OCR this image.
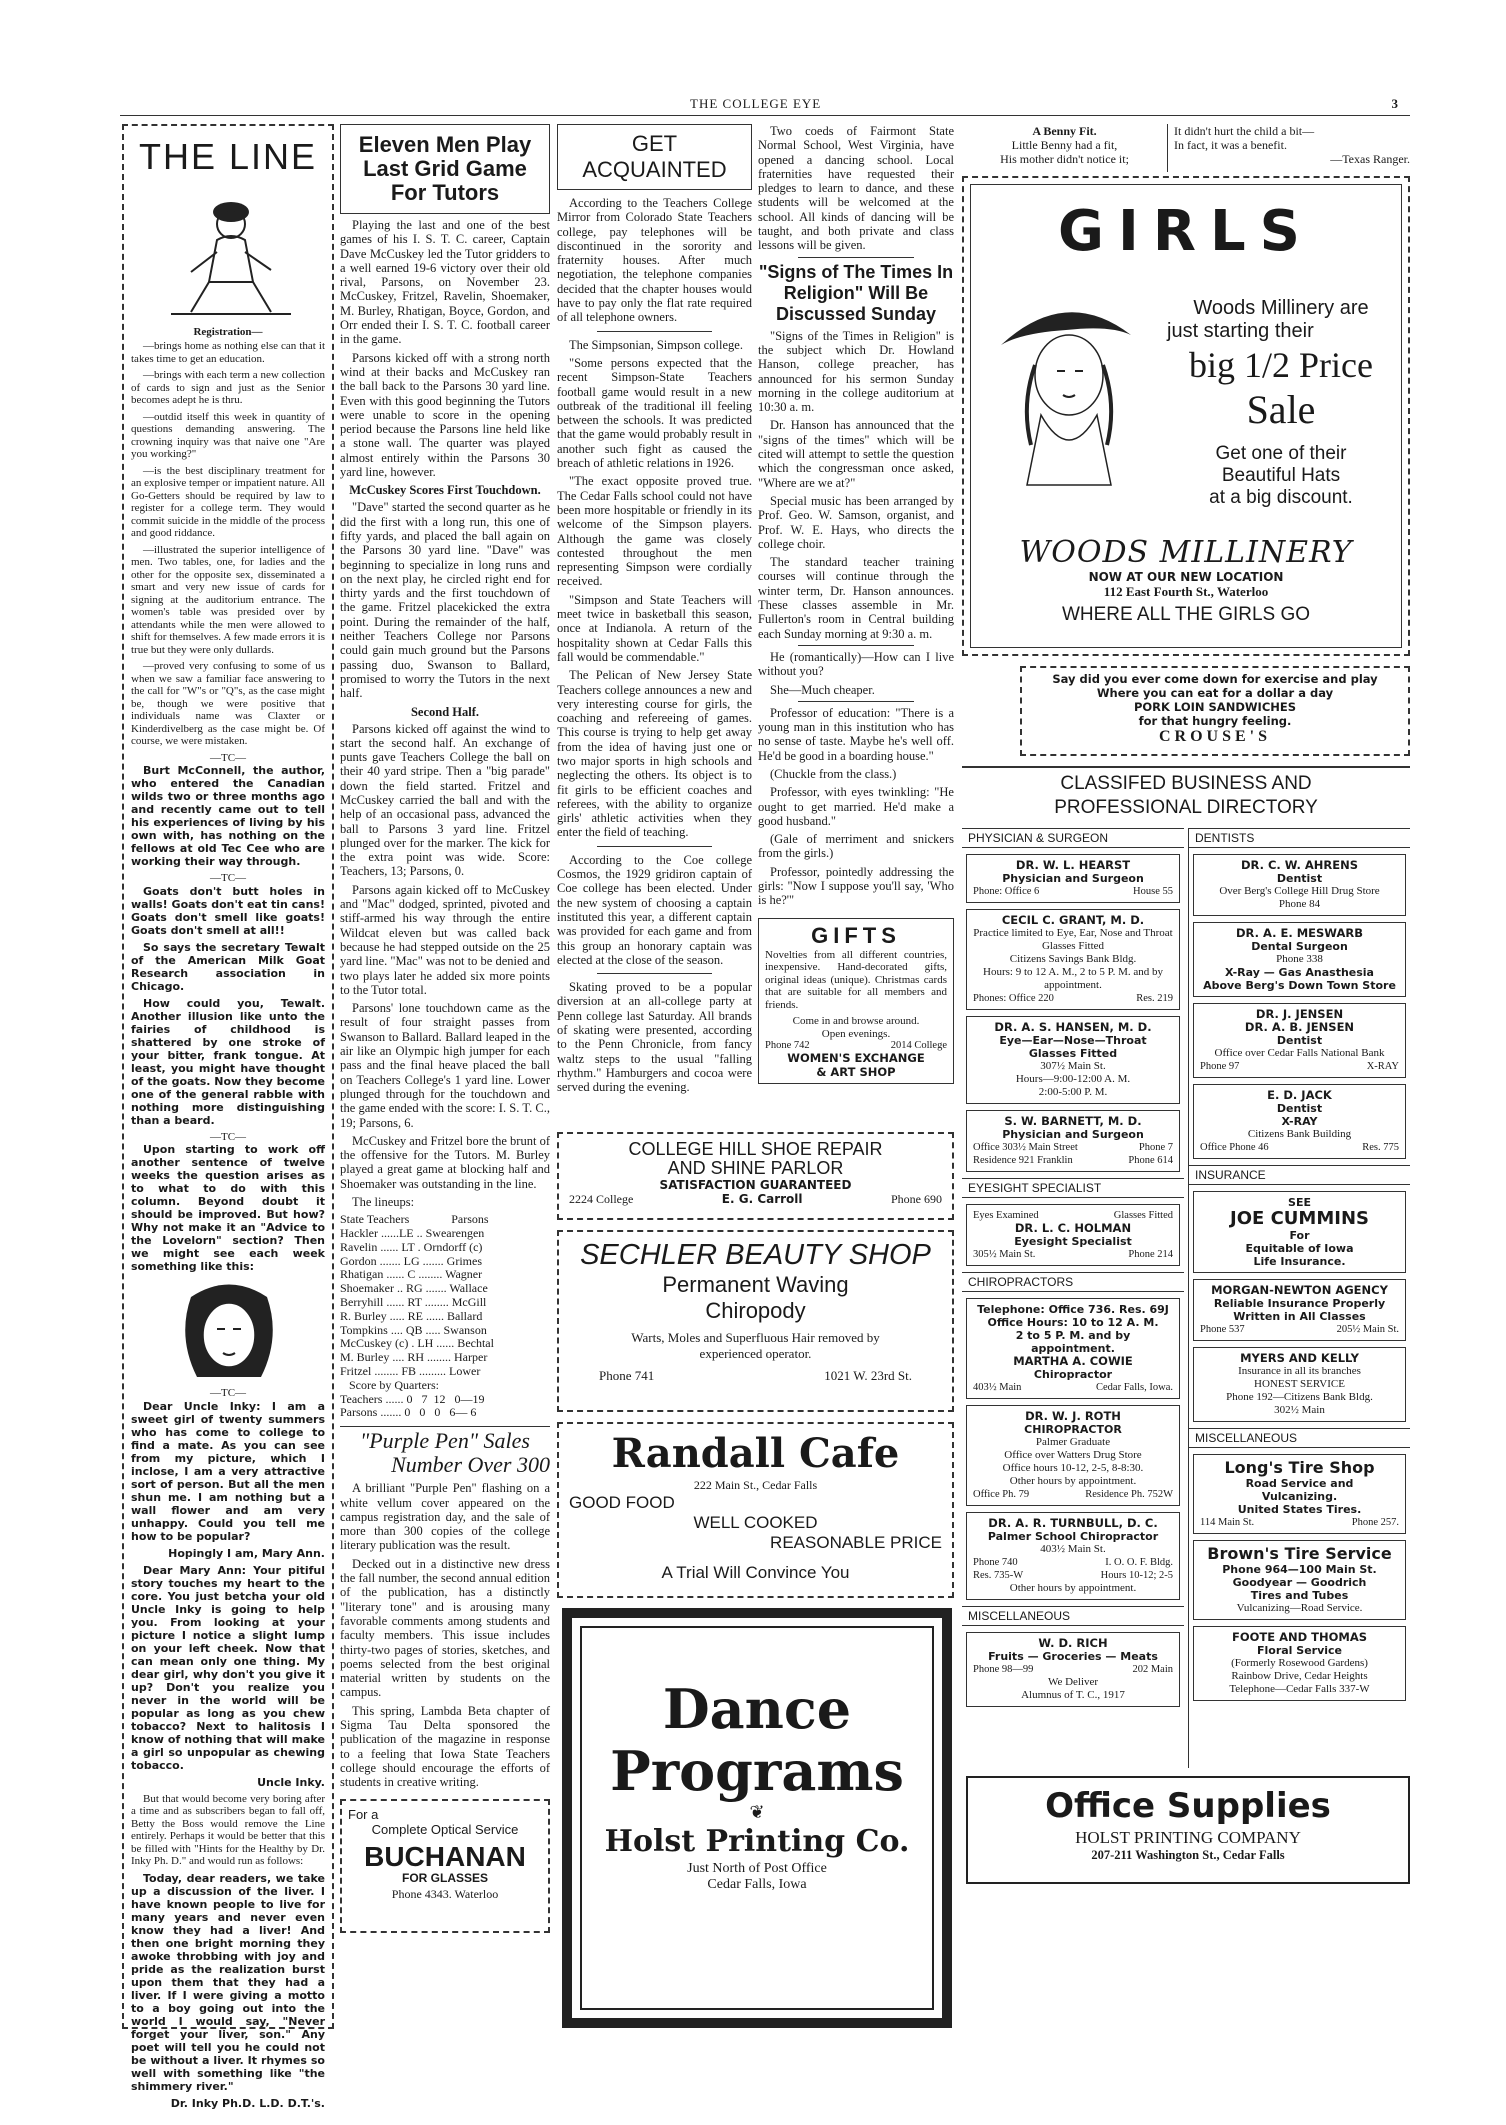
THE COLLEGE EYE	3
THE LINE
Registration—

—brings home as nothing else can that it takes time to get an education.

—brings with each term a new collection of cards to sign and just as the Senior becomes adept he is thru.

—outdid itself this week in quantity of questions demanding answering. The crowning inquiry was that naive one "Are you working?"

—is the best disciplinary treatment for an explosive temper or impatient nature. All Go-Getters should be required by law to register for a college term. They would commit suicide in the middle of the process and good riddance.

—illustrated the superior intelligence of men. Two tables, one, for ladies and the other for the opposite sex, disseminated a smart and very new issue of cards for signing at the auditorium entrance. The women's table was presided over by attendants while the men were allowed to shift for themselves. A few made errors it is true but they were only dullards.

—proved very confusing to some of us when we saw a familiar face answering to the call for "W"s or "Q"s, as the case might be, though we were positive that individuals name was Claxter or Kinderdivelberg as the case might be. Of course, we were mistaken.

—TC—

Burt McConnell, the author, who entered the Canadian wilds two or three months ago and recently came out to tell his experiences of living by his own with, has nothing on the fellows at old Tec Cee who are working their way through.

—TC—

Goats don't butt holes in walls! Goats don't eat tin cans! Goats don't smell like goats! Goats don't smell at all!!

So says the secretary Tewalt of the American Milk Goat Research association in Chicago.

How could you, Tewalt. Another illusion like unto the fairies of childhood is shattered by one stroke of your bitter, frank tongue. At least, you might have thought of the goats. Now they become one of the general rabble with nothing more distinguishing than a beard.

—TC—

Upon starting to work off another sentence of twelve weeks the question arises as to what to do with this column. Beyond doubt it should be improved. But how? Why not make it an "Advice to the Lovelorn" section? Then we might see each week something like this:

—TC—

Dear Uncle Inky: I am a sweet girl of twenty summers who has come to college to find a mate. As you can see from my picture, which I inclose, I am a very attractive sort of person. But all the men shun me. I am nothing but a wall flower and am very unhappy. Could you tell me how to be popular?

Hopingly I am, Mary Ann.

Dear Mary Ann: Your pitiful story touches my heart to the core. You just betcha your old Uncle Inky is going to help you. From looking at your picture I notice a slight lump on your left cheek. Now that can mean only one thing. My dear girl, why don't you give it up? Don't you realize you never in the world will be popular as long as you chew tobacco? Next to halitosis I know of nothing that will make a girl so unpopular as chewing tobacco.

Uncle Inky.

But that would become very boring after a time and as subscribers began to fall off, Betty the Boss would remove the Line entirely. Perhaps it would be better that this be filled with "Hints for the Healthy by Dr. Inky Ph. D." and would run as follows:

Today, dear readers, we take up a discussion of the liver. I have known people to live for many years and never even know they had a liver! And then one bright morning they awoke throbbing with joy and pride as the realization burst upon them that they had a liver. If I were giving a motto to a boy going out into the world I would say, "Never forget your liver, son." Any poet will tell you he could not be without a liver. It rhymes so well with something like "the shimmery river."

Dr. Inky Ph.D. L.D. D.T.'s.

Eleven Men Play Last Grid Game For Tutors

Playing the last and one of the best games of his I. S. T. C. career, Captain Dave McCuskey led the Tutor gridders to a well earned 19-6 victory over their old rival, Parsons, on November 23. McCuskey, Fritzel, Ravelin, Shoemaker, M. Burley, Rhatigan, Boyce, Gordon, and Orr ended their I. S. T. C. football career in the game.

Parsons kicked off with a strong north wind at their backs and McCuskey ran the ball back to the Parsons 30 yard line. Even with this good beginning the Tutors were unable to score in the opening period because the Parsons line held like a stone wall. The quarter was played almost entirely within the Parsons 30 yard line, however.

McCuskey Scores First Touchdown.

"Dave" started the second quarter as he did the first with a long run, this one of fifty yards, and placed the ball again on the Parsons 30 yard line. "Dave" was beginning to specialize in long runs and on the next play, he circled right end for thirty yards and the first touchdown of the game. Fritzel placekicked the extra point. During the remainder of the half, neither Teachers College nor Parsons could gain much ground but the Parsons passing duo, Swanson to Ballard, promised to worry the Tutors in the next half.

Second Half.

Parsons kicked off against the wind to start the second half. An exchange of punts gave Teachers College the ball on their 40 yard stripe. Then a "big parade" down the field started. Fritzel and McCuskey carried the ball and with the help of an occasional pass, advanced the ball to Parsons 3 yard line. Fritzel plunged over for the marker. The kick for the extra point was wide. Score: Teachers, 13; Parsons, 0.

Parsons again kicked off to McCuskey and "Mac" dodged, sprinted, pivoted and stiff-armed his way through the entire Wildcat eleven but was called back because he had stepped outside on the 25 yard line. "Mac" was not to be denied and two plays later he added six more points to the Tutor total.

Parsons' lone touchdown came as the result of four straight passes from Swanson to Ballard. Ballard leaped in the air like an Olympic high jumper for each pass and the final heave placed the ball on Teachers College's 1 yard line. Lower plunged through for the touchdown and the game ended with the score: I. S. T. C., 19; Parsons, 6.

McCuskey and Fritzel bore the brunt of the offensive for the Tutors. M. Burley played a great game at blocking half and Shoemaker was outstanding in the line.

The lineups:

State Teachers              Parsons
Hackler ......LE .. Swearengen
Ravelin ...... LT . Orndorff (c)
Gordon ....... LG ....... Grimes
Rhatigan ...... C ........ Wagner
Shoemaker .. RG ....... Wallace
Berryhill ...... RT ........ McGill
R. Burley ..... RE ...... Ballard
Tompkins .... QB ..... Swanson
McCuskey (c) . LH ...... Bechtal
M. Burley .... RH ........ Harper
Fritzel ........ FB ......... Lower
Score by Quarters:
Teachers ...... 0   7  12   0—19
Parsons ....... 0   0   0   6— 6
"Purple Pen" Sales
Number Over 300

A brilliant "Purple Pen" flashing on a white vellum cover appeared on the campus registration day, and the sale of more than 300 copies of the college literary publication was the result.

Decked out in a distinctive new dress the fall number, the second annual edition of the publication, has a distinctly "literary tone" and is arousing many favorable comments among students and faculty members. This issue includes thirty-two pages of stories, sketches, and poems selected from the best original material written by students on the campus.

This spring, Lambda Beta chapter of Sigma Tau Delta sponsored the publication of the magazine in response to a feeling that Iowa State Teachers college should encourage the efforts of students in creative writing.

For a
Complete Optical Service
BUCHANAN
FOR GLASSES
Phone 4343. Waterloo
GET ACQUAINTED

According to the Teachers College Mirror from Colorado State Teachers college, pay telephones will be discontinued in the sorority and fraternity houses. After much negotiation, the telephone companies decided that the chapter houses would have to pay only the flat rate required of all telephone owners.

The Simpsonian, Simpson college.

"Some persons expected that the recent Simpson-State Teachers football game would result in a new outbreak of the traditional ill feeling between the schools. It was predicted that the game would probably result in another such fight as caused the breach of athletic relations in 1926.

"The exact opposite proved true. The Cedar Falls school could not have been more hospitable or friendly in its welcome of the Simpson players. Although the game was closely contested throughout the men representing Simpson were cordially received.

"Simpson and State Teachers will meet twice in basketball this season, once at Indianola. A return of the hospitality shown at Cedar Falls this fall would be commendable."

The Pelican of New Jersey State Teachers college announces a new and very interesting course for girls, the coaching and refereeing of games. This course is trying to help get away from the idea of having just one or two major sports in high schools and neglecting the others. Its object is to fit girls to be efficient coaches and referees, with the ability to organize girls' athletic activities when they enter the field of teaching.

According to the Coe college Cosmos, the 1929 gridiron captain of Coe college has been elected. Under the new system of choosing a captain instituted this year, a different captain was provided for each game and from this group an honorary captain was elected at the close of the season.

Skating proved to be a popular diversion at an all-college party at Penn college last Saturday. All brands of skating were presented, according to the Penn Chronicle, from fancy waltz steps to the usual "falling rhythm." Hamburgers and cocoa were served during the evening.

Two coeds of Fairmont State Normal School, West Virginia, have opened a dancing school. Local fraternities have requested their pledges to learn to dance, and these students will be welcomed at the school. All kinds of dancing will be taught, and both private and class lessons will be given.

"Signs of The Times In Religion" Will Be Discussed Sunday

"Signs of the Times in Religion" is the subject which Dr. Howland Hanson, college preacher, has announced for his sermon Sunday morning in the college auditorium at 10:30 a. m.

Dr. Hanson has announced that the "signs of the times" which will be cited will attempt to settle the question which the congressman once asked, "Where are we at?"

Special music has been arranged by Prof. Geo. W. Samson, organist, and Prof. W. E. Hays, who directs the college choir.

The standard teacher training courses will continue through the winter term, Dr. Hanson announces. These classes assemble in Mr. Fullerton's room in Central building each Sunday morning at 9:30 a. m.

He (romantically)—How can I live without you?

She—Much cheaper.

Professor of education: "There is a young man in this institution who has no sense of taste. Maybe he's well off. He'd be good in a boarding house."

(Chuckle from the class.)

Professor, with eyes twinkling: "He ought to get married. He'd make a good husband."

(Gale of merriment and snickers from the girls.)

Professor, pointedly addressing the girls: "Now I suppose you'll say, 'Who is he?'"

GIFTS

Novelties from all different countries, inexpensive. Hand-decorated gifts, original ideas (unique). Christmas cards that are suitable for all members and friends.

Come in and browse around.
Open evenings.
Phone 742	2014 College
WOMEN'S EXCHANGE
& ART SHOP
COLLEGE HILL SHOE REPAIR
AND SHINE PARLOR
SATISFACTION GUARANTEED
2224 College	E. G. Carroll	Phone 690
SECHLER BEAUTY SHOP
Permanent Waving
Chiropody
Warts, Moles and Superfluous Hair removed by experienced operator.
Phone 741	1021 W. 23rd St.
Randall Cafe
222 Main St., Cedar Falls
GOOD FOOD
WELL COOKED
REASONABLE PRICE
A Trial Will Convince You
Dance
Programs
❦
Holst Printing Co.
Just North of Post Office
Cedar Falls, Iowa
A Benny Fit.
Little Benny had a fit,
His mother didn't notice it;
It didn't hurt the child a bit—
In fact, it was a benefit.
—Texas Ranger.
GIRLS
Woods Millinery are
just starting their
big 1/2 Price
Sale
Get one of their
Beautiful Hats
at a big discount.
WOODS MILLINERY
NOW AT OUR NEW LOCATION
112 East Fourth St., Waterloo
WHERE ALL THE GIRLS GO
Say did you ever come down for exercise and play
Where you can eat for a dollar a day
PORK LOIN SANDWICHES
for that hungry feeling.
CROUSE'S
CLASSIFED BUSINESS AND
PROFESSIONAL DIRECTORY
PHYSICIAN & SURGEON
DR. W. L. HEARST
Physician and Surgeon
Phone: Office 6	House 55
CECIL C. GRANT, M. D.
Practice limited to Eye, Ear, Nose and Throat
Glasses Fitted
Citizens Savings Bank Bldg.
Hours: 9 to 12 A. M., 2 to 5 P. M. and by appointment.
Phones: Office 220	Res. 219
DR. A. S. HANSEN, M. D.
Eye—Ear—Nose—Throat
Glasses Fitted
307½ Main St.
Hours—9:00-12:00 A. M.
2:00-5:00 P. M.
S. W. BARNETT, M. D.
Physician and Surgeon
Office 303½ Main Street	Phone 7
Residence 921 Franklin	Phone 614
EYESIGHT SPECIALIST
Eyes Examined	Glasses Fitted
DR. L. C. HOLMAN
Eyesight Specialist
305½ Main St.	Phone 214
CHIROPRACTORS
Telephone: Office 736. Res. 69J
Office Hours: 10 to 12 A. M.
2 to 5 P. M. and by appointment.
MARTHA A. COWIE
Chiropractor
403½ Main	Cedar Falls, Iowa.
DR. W. J. ROTH
CHIROPRACTOR
Palmer Graduate
Office over Watters Drug Store
Office hours 10-12, 2-5, 8-8:30.
Other hours by appointment.
Office Ph. 79	Residence Ph. 752W
DR. A. R. TURNBULL, D. C.
Palmer School Chiropractor
403½ Main St.
Phone 740	I. O. O. F. Bldg.
Res. 735-W	Hours 10-12; 2-5
Other hours by appointment.
MISCELLANEOUS
W. D. RICH
Fruits — Groceries — Meats
Phone 98—99	202 Main
We Deliver
Alumnus of T. C., 1917
DENTISTS
DR. C. W. AHRENS
Dentist
Over Berg's College Hill Drug Store
Phone 84
DR. A. E. MESWARB
Dental Surgeon
Phone 338
X-Ray — Gas Anasthesia
Above Berg's Down Town Store
DR. J. JENSEN
DR. A. B. JENSEN
Dentist
Office over Cedar Falls National Bank
Phone 97	X-RAY
E. D. JACK
Dentist
X-RAY
Citizens Bank Building
Office Phone 46	Res. 775
INSURANCE
SEE
JOE CUMMINS
For
Equitable of Iowa
Life Insurance.
MORGAN-NEWTON AGENCY
Reliable Insurance Properly
Written in All Classes
Phone 537	205½ Main St.
MYERS AND KELLY
Insurance in all its branches
HONEST SERVICE
Phone 192—Citizens Bank Bldg.
302½ Main
MISCELLANEOUS
Long's Tire Shop
Road Service and
Vulcanizing.
United States Tires.
114 Main St.	Phone 257.
Brown's Tire Service
Phone 964—100 Main St.
Goodyear — Goodrich
Tires and Tubes
Vulcanizing—Road Service.
FOOTE AND THOMAS
Floral Service
(Formerly Rosewood Gardens)
Rainbow Drive, Cedar Heights
Telephone—Cedar Falls 337-W
Office Supplies
HOLST PRINTING COMPANY
207-211 Washington St., Cedar Falls
